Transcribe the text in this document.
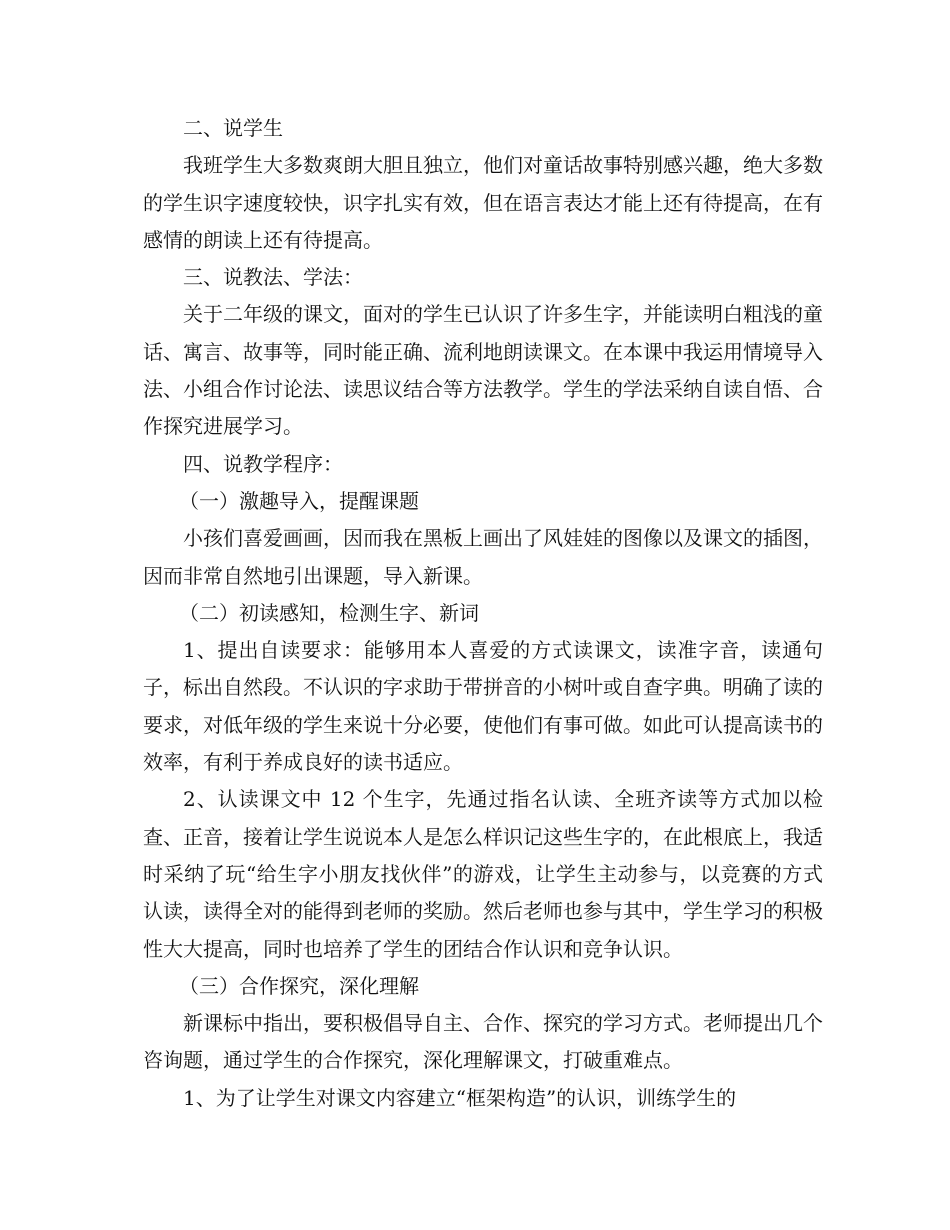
二、说学生

我班学生大多数爽朗大胆且独立，他们对童话故事特别感兴趣，绝大多数的学生识字速度较快，识字扎实有效，但在语言表达才能上还有待提高，在有感情的朗读上还有待提高。

三、说教法、学法：

关于二年级的课文，面对的学生已认识了许多生字，并能读明白粗浅的童话、寓言、故事等，同时能正确、流利地朗读课文。在本课中我运用情境导入法、小组合作讨论法、读思议结合等方法教学。学生的学法采纳自读自悟、合作探究进展学习。

四、说教学程序：

（一）激趣导入，提醒课题

小孩们喜爱画画，因而我在黑板上画出了风娃娃的图像以及课文的插图，因而非常自然地引出课题，导入新课。

（二）初读感知，检测生字、新词

1、提出自读要求：能够用本人喜爱的方式读课文，读准字音，读通句子，标出自然段。不认识的字求助于带拼音的小树叶或自查字典。明确了读的要求，对低年级的学生来说十分必要，使他们有事可做。如此可认提高读书的效率，有利于养成良好的读书适应。

2、认读课文中 12 个生字，先通过指名认读、全班齐读等方式加以检查、正音，接着让学生说说本人是怎么样识记这些生字的，在此根底上，我适时采纳了玩“给生字小朋友找伙伴”的游戏，让学生主动参与，以竞赛的方式认读，读得全对的能得到老师的奖励。然后老师也参与其中，学生学习的积极性大大提高，同时也培养了学生的团结合作认识和竞争认识。

（三）合作探究，深化理解

新课标中指出，要积极倡导自主、合作、探究的学习方式。老师提出几个咨询题，通过学生的合作探究，深化理解课文，打破重难点。

1、为了让学生对课文内容建立“框架构造”的认识，训练学生的
